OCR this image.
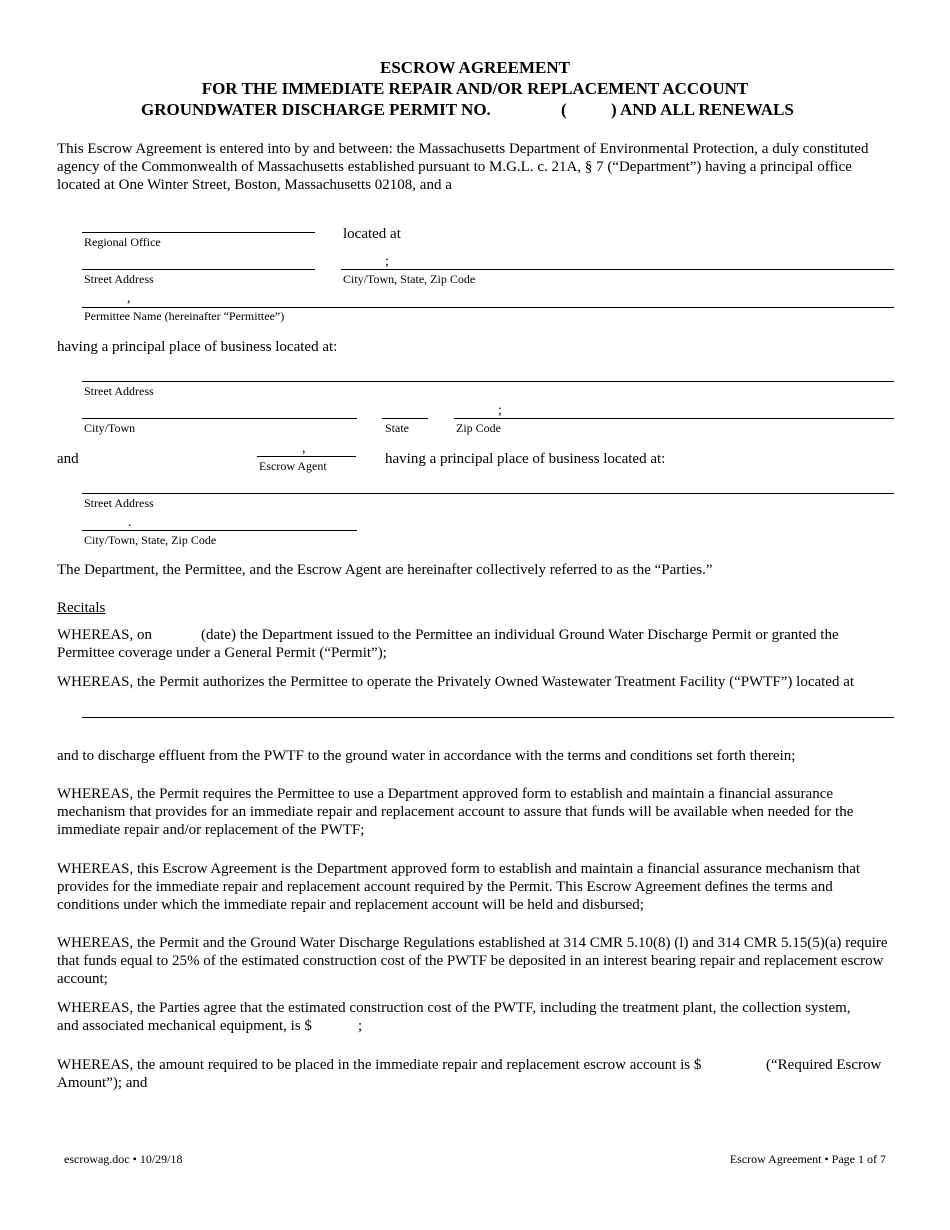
ESCROW AGREEMENT
FOR THE IMMEDIATE REPAIR AND/OR REPLACEMENT ACCOUNT
GROUNDWATER DISCHARGE PERMIT NO.	(	) AND ALL RENEWALS
This Escrow Agreement is entered into by and between: the Massachusetts Department of Environmental Protection, a duly constituted agency of the Commonwealth of Massachusetts established pursuant to M.G.L. c. 21A, § 7 (“Department”) having a principal office located at One Winter Street, Boston, Massachusetts 02108, and a
Regional Office	located at
;
Street Address	City/Town, State, Zip Code
,
Permittee Name (hereinafter “Permittee”)
having a principal place of business located at:
Street Address
;
City/Town	State	Zip Code
and
,
Escrow Agent	having a principal place of business located at:
Street Address
.
City/Town, State, Zip Code
The Department, the Permittee, and the Escrow Agent are hereinafter collectively referred to as the “Parties.”
Recitals
WHEREAS, on	(date) the Department issued to the Permittee an individual Ground Water Discharge Permit or granted the
Permittee coverage under a General Permit (“Permit”);
WHEREAS, the Permit authorizes the Permittee to operate the Privately Owned Wastewater Treatment Facility (“PWTF”) located at
and to discharge effluent from the PWTF to the ground water in accordance with the terms and conditions set forth therein;
WHEREAS, the Permit requires the Permittee to use a Department approved form to establish and maintain a financial assurance mechanism that provides for an immediate repair and replacement account to assure that funds will be available when needed for the immediate repair and/or replacement of the PWTF;
WHEREAS, this Escrow Agreement is the Department approved form to establish and maintain a financial assurance mechanism that provides for the immediate repair and replacement account required by the Permit. This Escrow Agreement defines the terms and conditions under which the immediate repair and replacement account will be held and disbursed;
WHEREAS, the Permit and the Ground Water Discharge Regulations established at 314 CMR 5.10(8) (l) and 314 CMR 5.15(5)(a) require that funds equal to 25% of the estimated construction cost of the PWTF be deposited in an interest bearing repair and replacement escrow account;
WHEREAS, the Parties agree that the estimated construction cost of the PWTF, including the treatment plant, the collection system,
and associated mechanical equipment, is $	;
WHEREAS, the amount required to be placed in the immediate repair and replacement escrow account is $	(“Required Escrow
Amount”); and
escrowag.doc • 10/29/18	Escrow Agreement • Page 1 of 7
